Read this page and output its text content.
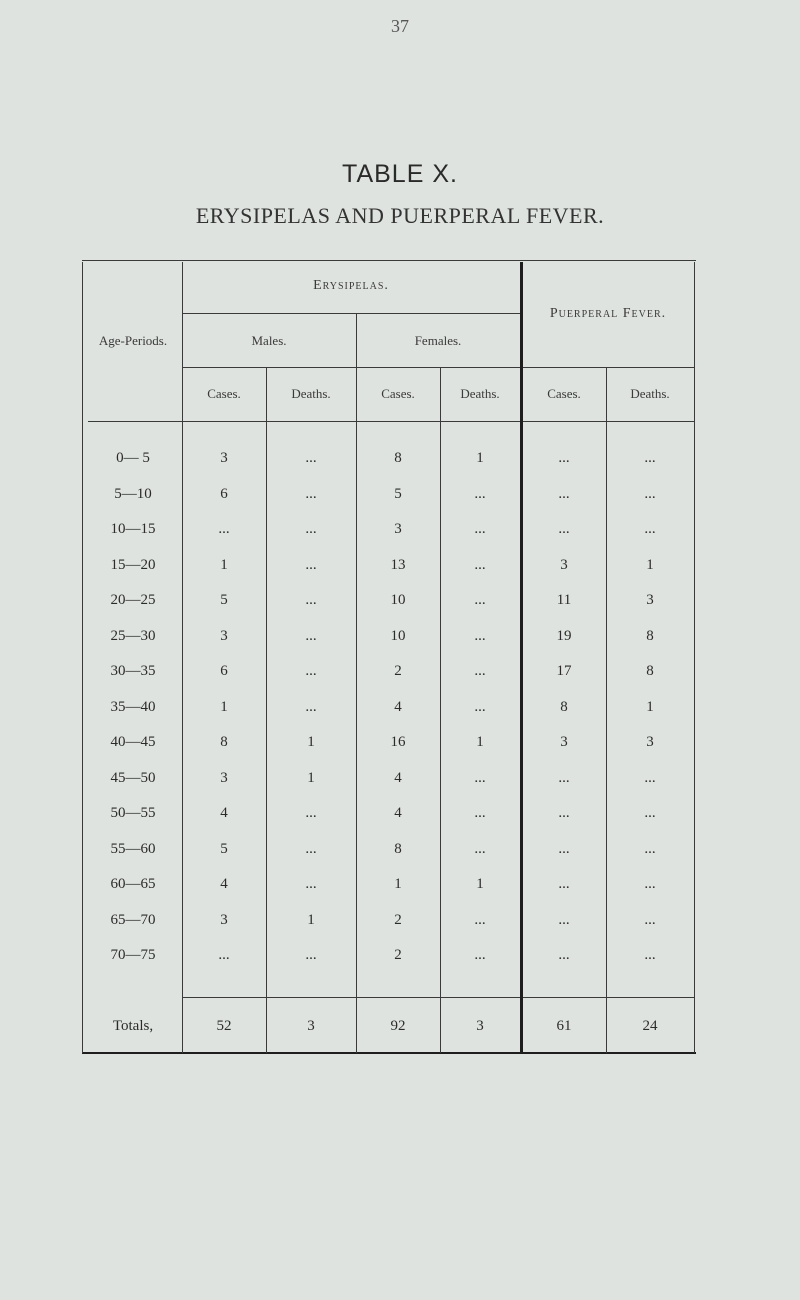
37
TABLE X.
ERYSIPELAS AND PUERPERAL FEVER.
Age-Periods.
Erysipelas.
Puerperal Fever.
Males.	Females.
Cases.	Deaths.	Cases.	Deaths.	Cases.	Deaths.
0— 5	3	...	8	1	...	...
5—10	6	...	5	...	...	...
10—15	...	...	3	...	...	...
15—20	1	...	13	...	3	1
20—25	5	...	10	...	11	3
25—30	3	...	10	...	19	8
30—35	6	...	2	...	17	8
35—40	1	...	4	...	8	1
40—45	8	1	16	1	3	3
45—50	3	1	4	...	...	...
50—55	4	...	4	...	...	...
55—60	5	...	8	...	...	...
60—65	4	...	1	1	...	...
65—70	3	1	2	...	...	...
70—75	...	...	2	...	...	...
Totals,	52	3	92	3	61	24
